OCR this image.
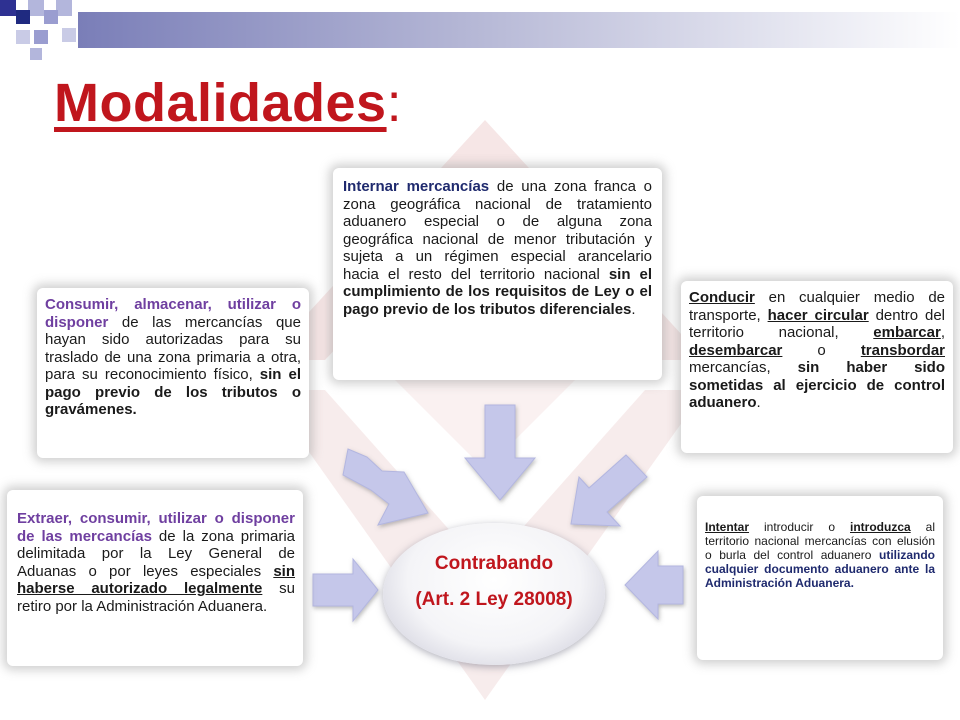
Modalidades:

Internar mercancías de una zona franca o zona geográfica nacional de tratamiento aduanero especial o de alguna zona geográfica nacional de menor tributación y sujeta a un régimen especial arancelario hacia el resto del territorio nacional sin el cumplimiento de los requisitos de Ley o el pago previo de los tributos diferenciales.

Consumir, almacenar, utilizar o disponer de las mercancías que hayan sido autorizadas para su traslado de una zona primaria a otra, para su reconocimiento físico, sin el pago previo de los tributos o gravámenes.

Conducir en cualquier medio de transporte, hacer circular dentro del territorio nacional, embarcar, desembarcar o transbordar mercancías, sin haber sido sometidas al ejercicio de control aduanero.

Extraer, consumir, utilizar o disponer de las mercancías de la zona primaria delimitada por la Ley General de Aduanas o por leyes especiales sin haberse autorizado legalmente su retiro por la Administración Aduanera.

Intentar introducir o introduzca al territorio nacional mercancías con elusión o burla del control aduanero utilizando cualquier documento aduanero ante la Administración Aduanera.

Contrabando
(Art. 2 Ley 28008)
